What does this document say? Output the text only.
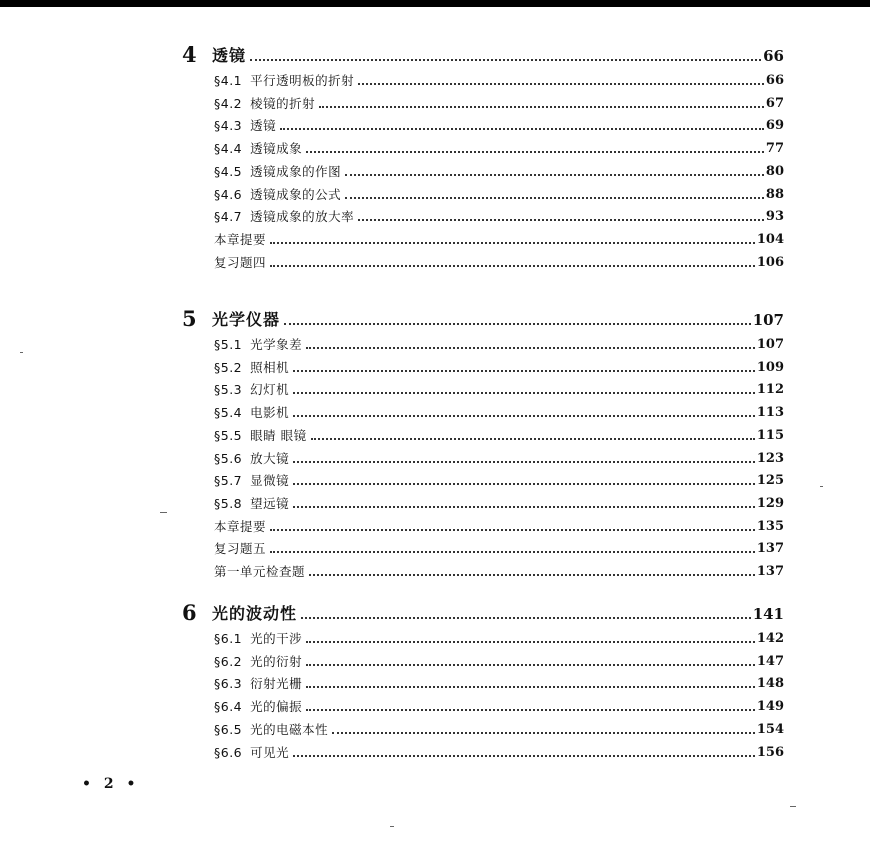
4 透镜	66
§4.1 平行透明板的折射	66
§4.2 棱镜的折射	67
§4.3 透镜	69
§4.4 透镜成象	77
§4.5 透镜成象的作图	80
§4.6 透镜成象的公式	88
§4.7 透镜成象的放大率	93
本章提要	104
复习题四	106
5 光学仪器	107
§5.1 光学象差	107
§5.2 照相机	109
§5.3 幻灯机	112
§5.4 电影机	113
§5.5 眼睛 眼镜	115
§5.6 放大镜	123
§5.7 显微镜	125
§5.8 望远镜	129
本章提要	135
复习题五	137
第一单元检查题	137
6 光的波动性	141
§6.1 光的干涉	142
§6.2 光的衍射	147
§6.3 衍射光栅	148
§6.4 光的偏振	149
§6.5 光的电磁本性	154
§6.6 可见光	156
• 2 •
